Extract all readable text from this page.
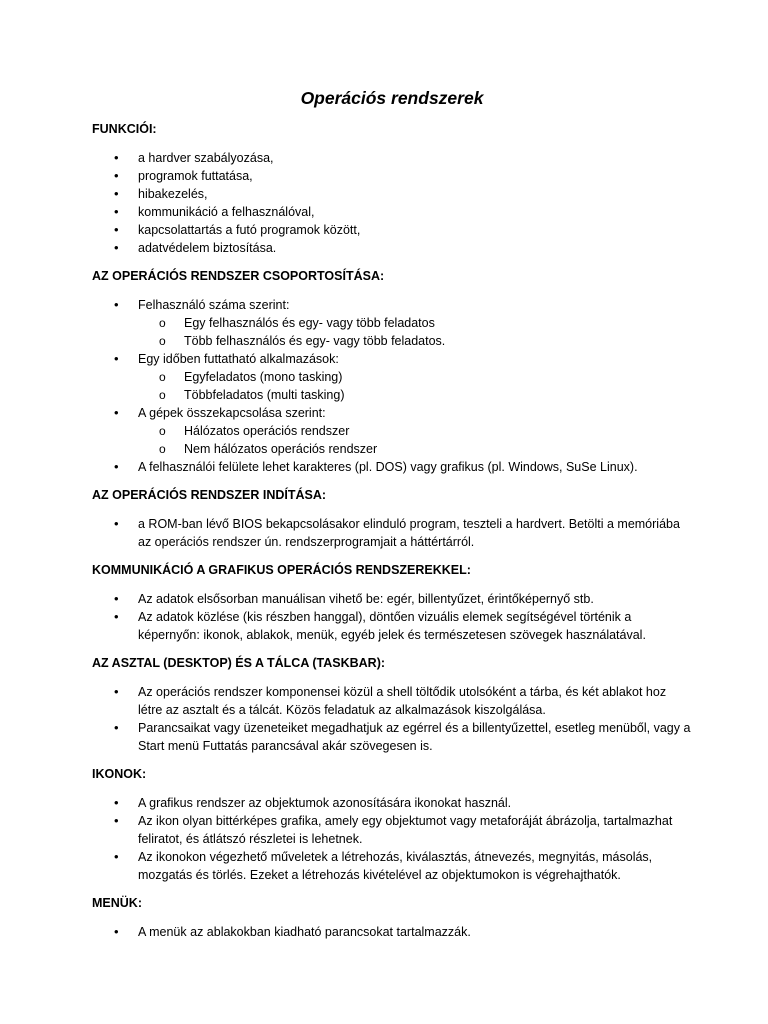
Operációs rendszerek
FUNKCIÓI:
• a hardver szabályozása,
• programok futtatása,
• hibakezelés,
• kommunikáció a felhasználóval,
• kapcsolattartás a futó programok között,
• adatvédelem biztosítása.
AZ OPERÁCIÓS RENDSZER CSOPORTOSÍTÁSA:
• Felhasználó száma szerint:
o Egy felhasználós és egy- vagy több feladatos
o Több felhasználós és egy- vagy több feladatos.
• Egy időben futtatható alkalmazások:
o Egyfeladatos (mono tasking)
o Többfeladatos (multi tasking)
• A gépek összekapcsolása szerint:
o Hálózatos operációs rendszer
o Nem hálózatos operációs rendszer
• A felhasználói felülete lehet karakteres (pl. DOS) vagy grafikus (pl. Windows, SuSe Linux).
AZ OPERÁCIÓS RENDSZER INDÍTÁSA:
• a ROM-ban lévő BIOS bekapcsolásakor elinduló program, teszteli a hardvert. Betölti a memóriába az operációs rendszer ún. rendszerprogramjait a háttértárról.
KOMMUNIKÁCIÓ A GRAFIKUS OPERÁCIÓS RENDSZEREKKEL:
• Az adatok elsősorban manuálisan vihető be: egér, billentyűzet, érintőképernyő stb.
• Az adatok közlése (kis részben hanggal), döntően vizuális elemek segítségével történik a képernyőn: ikonok, ablakok, menük, egyéb jelek és természetesen szövegek használatával.
AZ ASZTAL (DESKTOP) ÉS A TÁLCA (TASKBAR):
• Az operációs rendszer komponensei közül a shell töltődik utolsóként a tárba, és két ablakot hoz létre az asztalt és a tálcát. Közös feladatuk az alkalmazások kiszolgálása.
• Parancsaikat vagy üzeneteiket megadhatjuk az egérrel és a billentyűzettel, esetleg menüből, vagy a Start menü Futtatás parancsával akár szövegesen is.
IKONOK:
• A grafikus rendszer az objektumok azonosítására ikonokat használ.
• Az ikon olyan bittérképes grafika, amely egy objektumot vagy metaforáját ábrázolja, tartalmazhat feliratot, és átlátszó részletei is lehetnek.
• Az ikonokon végezhető műveletek a létrehozás, kiválasztás, átnevezés, megnyitás, másolás, mozgatás és törlés. Ezeket a létrehozás kivételével az objektumokon is végrehajthatók.
MENÜK:
• A menük az ablakokban kiadható parancsokat tartalmazzák.
